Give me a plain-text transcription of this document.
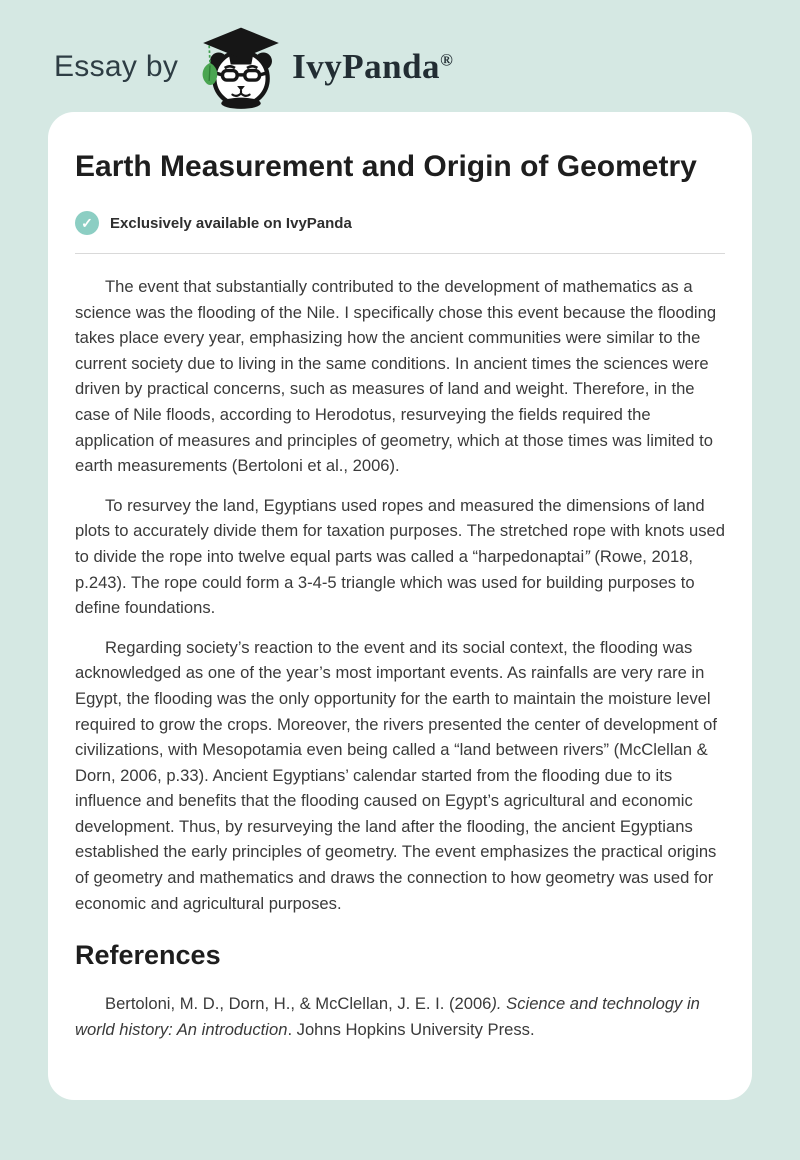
Essay by	IvyPanda®
Earth Measurement and Origin of Geometry
✓	Exclusively available on IvyPanda

The event that substantially contributed to the development of mathematics as a science was the flooding of the Nile. I specifically chose this event because the flooding takes place every year, emphasizing how the ancient communities were similar to the current society due to living in the same conditions. In ancient times the sciences were driven by practical concerns, such as measures of land and weight. Therefore, in the case of Nile floods, according to Herodotus, resurveying the fields required the application of measures and principles of geometry, which at those times was limited to earth measurements (Bertoloni et al., 2006).

To resurvey the land, Egyptians used ropes and measured the dimensions of land plots to accurately divide them for taxation purposes. The stretched rope with knots used to divide the rope into twelve equal parts was called a “harpedonaptai” (Rowe, 2018, p.243). The rope could form a 3-4-5 triangle which was used for building purposes to define foundations.

Regarding society’s reaction to the event and its social context, the flooding was acknowledged as one of the year’s most important events. As rainfalls are very rare in Egypt, the flooding was the only opportunity for the earth to maintain the moisture level required to grow the crops. Moreover, the rivers presented the center of development of civilizations, with Mesopotamia even being called a “land between rivers” (McClellan & Dorn, 2006, p.33). Ancient Egyptians’ calendar started from the flooding due to its influence and benefits that the flooding caused on Egypt’s agricultural and economic development. Thus, by resurveying the land after the flooding, the ancient Egyptians established the early principles of geometry. The event emphasizes the practical origins of geometry and mathematics and draws the connection to how geometry was used for economic and agricultural purposes.

References

Bertoloni, M. D., Dorn, H., & McClellan, J. E. I. (2006). Science and technology in world history: An introduction. Johns Hopkins University Press.
